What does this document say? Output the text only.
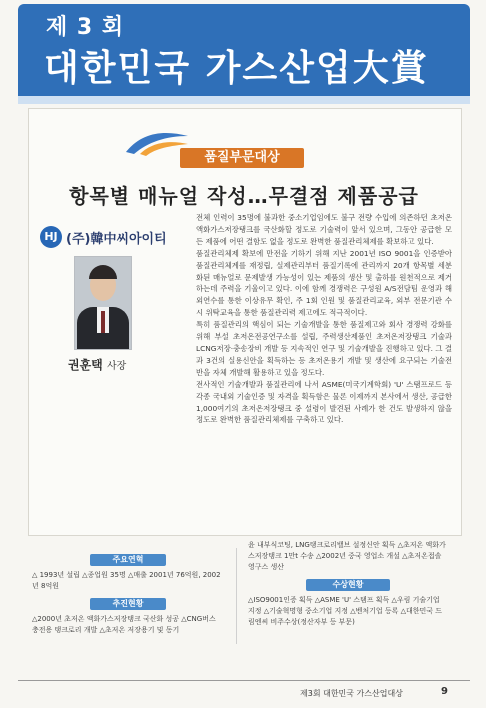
제 3 회
대한민국 가스산업大賞
품질부문대상
항목별 매뉴얼 작성…무결점 제품공급
HJ (주)韓中씨아이티
권훈택 사장

전체 인력이 35명에 불과한 중소기업임에도 불구 전량 수입에 의존하던 초저온 액화가스저장탱크를 국산화할 정도로 기술력이 앞서 있으며, 그동안 공급한 모든 제품에 어떤 결함도 없을 정도로 완벽한 품질관리체제를 확보하고 있다.

품질관리체제 확보에 만전을 기하기 위해 지난 2001년 ISO 9001을 인증받아 품질관리체계를 재정립, 실제관리부터 품질기록에 관리까지 20개 항목별 세분화된 매뉴얼로 문제발생 가능성이 있는 제품의 생산 및 출하를 원천적으로 제거하는데 주력을 기울이고 있다. 이에 함께 경쟁력은 구성원 A/S전담팀 운영과 해외연수를 통한 이상유무 확인, 주 1회 인원 및 품질관리교육, 외부 전문기관 수시 위탁교육을 통한 품질관리력 제고에도 적극적이다.

특히 품질관리의 핵심이 되는 기술개발을 통한 품질제고와 회사 경쟁력 강화를 위해 부설 초저온전공연구소를 설립, 주력생산제품인 초저온저장탱크 기술과 LCNG저장·충송장비 개발 등 지속적인 연구 및 기술개발을 진행하고 있다. 그 결과 3건의 실용신안을 획득하는 등 초저온용기 개발 및 생산에 요구되는 기술전반을 자체 개발해 활용하고 있을 정도다.

전사적인 기술개발과 품질관리에 나서 ASME(미국기계학회) 'U' 스탬프로드 등 각종 국내외 기술인증 및 자격을 획득함은 물론 이제까지 본사에서 생산, 공급한 1,000여기의 초저온저장탱크 중 설령이 발견된 사례가 한 건도 발생하지 않을 정도로 완벽한 품질관리체제를 구축하고 있다.

주요연혁
△ 1993년 설립 △종업원 35명 △매출 2001년 76억원, 2002년 8억원
추진현황
△2000년 초저온 액화가스저장탱크 국산화 성공 △CNG버스 충전용 탱크로리 개발 △초저온 저장용기 및 동기
윤 내부식코팅, LNG탱크로리밸브 설정신안 획득 △초저온 액화가스저장탱크 1만t 수송 △2002년 중국 영업소 개설 △초저온접솔영구스 생산
수상현황
△ISO9001인증 획득 △ASME 'U' 스탬프 획득 △우림 기술기업 지정 △기술혁명형 중소기업 지정 △벤처기업 등록 △대한민국 드림엔씨 비주수상(정산자부 등 부문)
제3회 대한민국 가스산업대상	9
